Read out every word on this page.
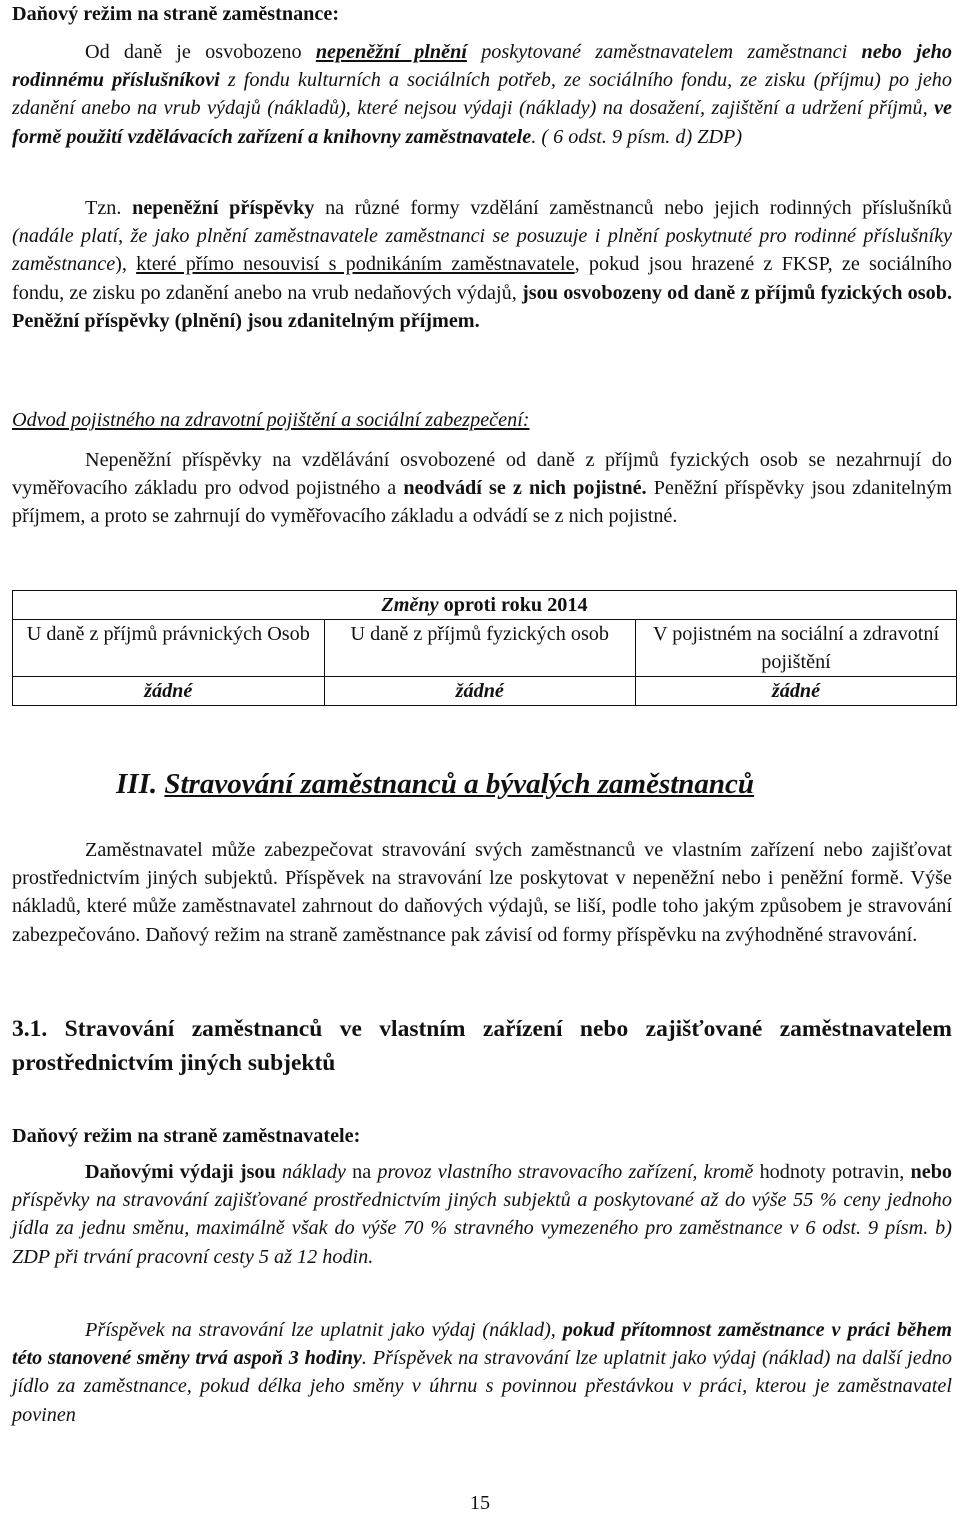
Daňový režim na straně zaměstnance:

Od daně je osvobozeno nepeněžní plnění poskytované zaměstnavatelem zaměstnanci nebo jeho rodinnému příslušníkovi z fondu kulturních a sociálních potřeb, ze sociálního fondu, ze zisku (příjmu) po jeho zdanění anebo na vrub výdajů (nákladů), které nejsou výdaji (náklady) na dosažení, zajištění a udržení příjmů, ve formě použití vzdělávacích zařízení a knihovny zaměstnavatele. ( 6 odst. 9 písm. d) ZDP)

Tzn. nepeněžní příspěvky na různé formy vzdělání zaměstnanců nebo jejich rodinných příslušníků (nadále platí, že jako plnění zaměstnavatele zaměstnanci se posuzuje i plnění poskytnuté pro rodinné příslušníky zaměstnance), které přímo nesouvisí s podnikáním zaměstnavatele, pokud jsou hrazené z FKSP, ze sociálního fondu, ze zisku po zdanění anebo na vrub nedaňových výdajů, jsou osvobozeny od daně z příjmů fyzických osob. Peněžní příspěvky (plnění) jsou zdanitelným příjmem.

Odvod pojistného na zdravotní pojištění a sociální zabezpečení:

Nepeněžní příspěvky na vzdělávání osvobozené od daně z příjmů fyzických osob se nezahrnují do vyměřovacího základu pro odvod pojistného a neodvádí se z nich pojistné. Peněžní příspěvky jsou zdanitelným příjmem, a proto se zahrnují do vyměřovacího základu a odvádí se z nich pojistné.

Změny oproti roku 2014		
U daně z příjmů právnických Osob	U daně z příjmů fyzických osob	V pojistném na sociální a zdravotní pojištění
žádné	žádné	žádné
III. Stravování zaměstnanců a bývalých zaměstnanců

Zaměstnavatel může zabezpečovat stravování svých zaměstnanců ve vlastním zařízení nebo zajišťovat prostřednictvím jiných subjektů. Příspěvek na stravování lze poskytovat v nepeněžní nebo i peněžní formě. Výše nákladů, které může zaměstnavatel zahrnout do daňových výdajů, se liší, podle toho jakým způsobem je stravování zabezpečováno. Daňový režim na straně zaměstnance pak závisí od formy příspěvku na zvýhodněné stravování.

3.1. Stravování zaměstnanců ve vlastním zařízení nebo zajišťované zaměstnavatelem prostřednictvím jiných subjektů

Daňový režim na straně zaměstnavatele:

Daňovými výdaji jsou náklady na provoz vlastního stravovacího zařízení, kromě hodnoty potravin, nebo příspěvky na stravování zajišťované prostřednictvím jiných subjektů a poskytované až do výše 55 % ceny jednoho jídla za jednu směnu, maximálně však do výše 70 % stravného vymezeného pro zaměstnance v 6 odst. 9 písm. b) ZDP při trvání pracovní cesty 5 až 12 hodin.

Příspěvek na stravování lze uplatnit jako výdaj (náklad), pokud přítomnost zaměstnance v práci během této stanovené směny trvá aspoň 3 hodiny. Příspěvek na stravování lze uplatnit jako výdaj (náklad) na další jedno jídlo za zaměstnance, pokud délka jeho směny v úhrnu s povinnou přestávkou v práci, kterou je zaměstnavatel povinen

15
